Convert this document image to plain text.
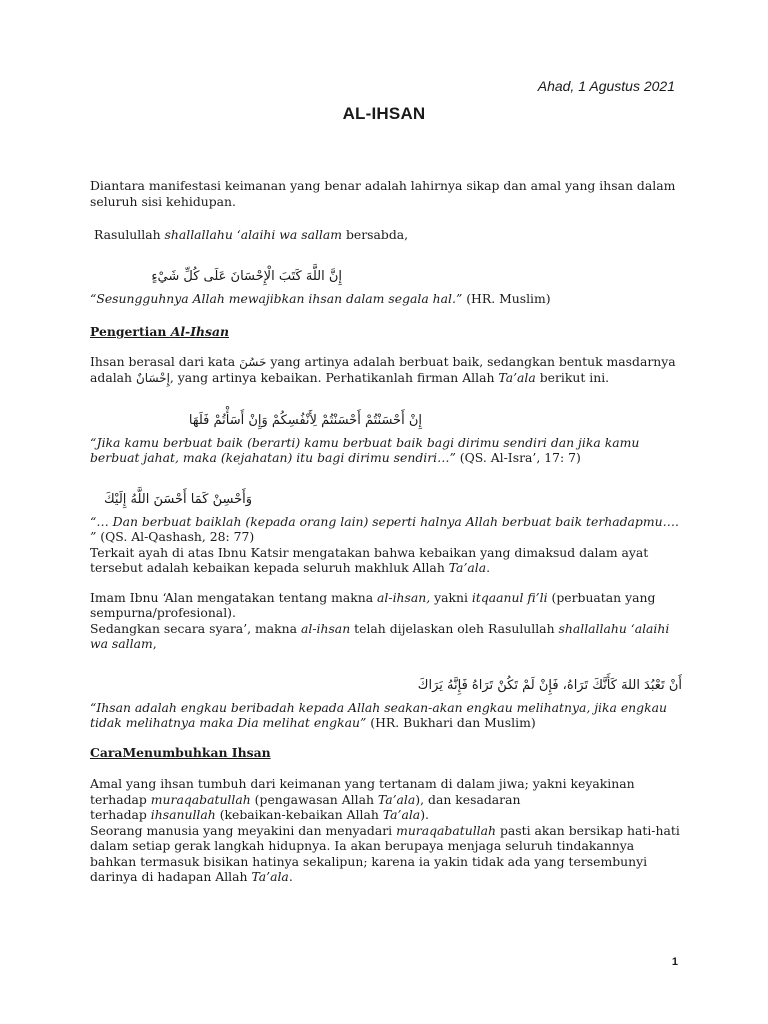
Ahad, 1 Agustus 2021
AL-IHSAN

Diantara manifestasi keimanan yang benar adalah lahirnya sikap dan amal yang ihsan dalam seluruh sisi kehidupan.

Rasulullah shallallahu ‘alaihi wa sallam bersabda,

إِنَّ اللَّهَ كَتَبَ الْإِحْسَانَ عَلَى كُلِّ شَيْءٍ

“Sesungguhnya Allah mewajibkan ihsan dalam segala hal.” (HR. Muslim)

Pengertian Al-Ihsan

Ihsan berasal dari kata حَسُنَ yang artinya adalah berbuat baik, sedangkan bentuk masdarnya adalah إِحْسَانٌ, yang artinya kebaikan. Perhatikanlah firman Allah Ta’ala berikut ini.

إِنْ أَحْسَنْتُمْ أَحْسَنْتُمْ لِأَنْفُسِكُمْ وَإِنْ أَسَأْتُمْ فَلَهَا

“Jika kamu berbuat baik (berarti) kamu berbuat baik bagi dirimu sendiri dan jika kamu berbuat jahat, maka (kejahatan) itu bagi dirimu sendiri…” (QS. Al-Isra’, 17: 7)

وَأَحْسِنْ كَمَا أَحْسَنَ اللَّهُ إِلَيْكَ

“… Dan berbuat baiklah (kepada orang lain) seperti halnya Allah berbuat baik terhadapmu…. ” (QS. Al-Qashash, 28: 77)

Terkait ayah di atas Ibnu Katsir mengatakan bahwa kebaikan yang dimaksud dalam ayat tersebut adalah kebaikan kepada seluruh makhluk Allah Ta’ala.

Imam Ibnu ‘Alan mengatakan tentang makna al-ihsan, yakni itqaanul fi’li (perbuatan yang sempurna/profesional).

Sedangkan secara syara’, makna al-ihsan telah dijelaskan oleh Rasulullah shallallahu ‘alaihi wa sallam,

أَنْ تَعْبُدَ اللهَ كَأَنَّكَ تَرَاهُ، فَإِنْ لَمْ تَكُنْ تَرَاهُ فَإِنَّهُ يَرَاكَ

“Ihsan adalah engkau beribadah kepada Allah seakan-akan engkau melihatnya, jika engkau tidak melihatnya maka Dia melihat engkau” (HR. Bukhari dan Muslim)

CaraMenumbuhkan Ihsan

Amal yang ihsan tumbuh dari keimanan yang tertanam di dalam jiwa; yakni keyakinan terhadap muraqabatullah (pengawasan Allah Ta’ala), dan kesadaran

terhadap ihsanullah (kebaikan-kebaikan Allah Ta’ala).

Seorang manusia yang meyakini dan menyadari muraqabatullah pasti akan bersikap hati-hati dalam setiap gerak langkah hidupnya. Ia akan berupaya menjaga seluruh tindakannya bahkan termasuk bisikan hatinya sekalipun; karena ia yakin tidak ada yang tersembunyi darinya di hadapan Allah Ta’ala.

1
